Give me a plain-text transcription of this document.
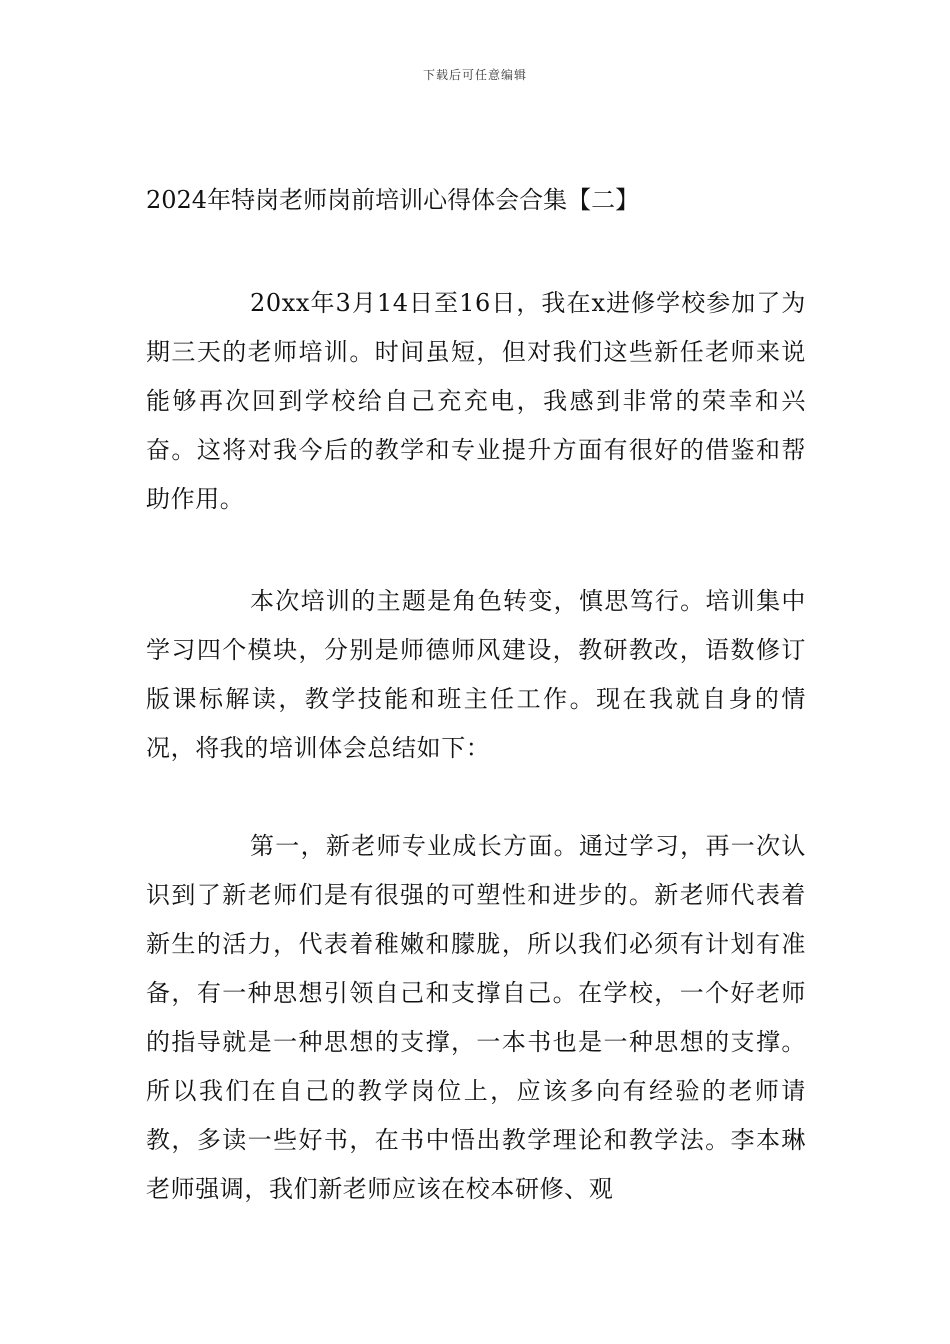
下载后可任意编辑
2024年特岗老师岗前培训心得体会合集【二】

20xx年3月14日至16日，我在x进修学校参加了为期三天的老师培训。时间虽短，但对我们这些新任老师来说能够再次回到学校给自己充充电，我感到非常的荣幸和兴奋。这将对我今后的教学和专业提升方面有很好的借鉴和帮助作用。

本次培训的主题是角色转变，慎思笃行。培训集中学习四个模块，分别是师德师风建设，教研教改，语数修订版课标解读，教学技能和班主任工作。现在我就自身的情况，将我的培训体会总结如下：

第一，新老师专业成长方面。通过学习，再一次认识到了新老师们是有很强的可塑性和进步的。新老师代表着新生的活力，代表着稚嫩和朦胧，所以我们必须有计划有准备，有一种思想引领自己和支撑自己。在学校，一个好老师的指导就是一种思想的支撑，一本书也是一种思想的支撑。所以我们在自己的教学岗位上，应该多向有经验的老师请教，多读一些好书，在书中悟出教学理论和教学法。李本琳老师强调，我们新老师应该在校本研修、观
